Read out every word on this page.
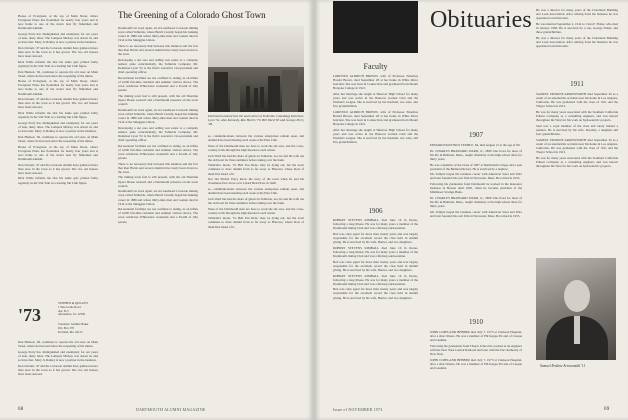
House of Evergreen, at the top of Main Street, where Evergreen Pines has flourished for nearly four years and is now home to one of the state's best fly fishermen and Dartmouth Alumni.

George Perry has distinguished and exemplary for our years of lean, dusty labor. The Lampers Mickey was drawn in, and so have met. Mary Jo Ramey is now a partner in the business.

Don Ostrom, '47 and the Colorado alumni have gathered more than once in the town as it has grown. The two old houses have been restored.

Dick Wilde informs me that his name gets printed fairly regularly in the Vail Trail as a leading Ski Club figure.

Dan Hudson, '49, continues to operate his old store on Main Street, where he has been since the reopening of the mines.

House of Evergreen, at the top of Main Street, where Evergreen Pines has flourished for nearly four years and is now home to one of the state's best fly fishermen and Dartmouth Alumni.

Don Ostrom, '47 and the Colorado alumni have gathered more than once in the town as it has grown. The two old houses have been restored.

Dick Wilde informs me that his name gets printed fairly regularly in the Vail Trail as a leading Ski Club figure.

George Perry has distinguished and exemplary for our years of lean, dusty labor. The Lampers Mickey was drawn in, and so have met. Mary Jo Ramey is now a partner in the business.

Dan Hudson, '49, continues to operate his old store on Main Street, where he has been since the reopening of the mines.

House of Evergreen, at the top of Main Street, where Evergreen Pines has flourished for nearly four years and is now home to one of the state's best fly fishermen and Dartmouth Alumni.

Don Ostrom, '47 and the Colorado alumni have gathered more than once in the town as it has grown. The two old houses have been restored.

Dick Wilde informs me that his name gets printed fairly regularly in the Vail Trail as a leading Ski Club figure.

'73
STEPHEN & QUIGLEY
1 Wee Gobie Road
Apt. B-3
Alexandria, Va. 22309
Treasurer: Jennifer Baker
P.O. Box 376
Portland, Me. 04112

Dan Hudson, '49, continues to operate his old store on Main Street, where he has been since the reopening of the mines.

George Perry has distinguished and exemplary for our years of lean, dusty labor. The Lampers Mickey was drawn in, and so have met. Mary Jo Ramey is now a partner in the business.

Don Ostrom, '47 and the Colorado alumni have gathered more than once in the town as it has grown. The two old houses have been restored.

The Greening of a Colorado Ghost Town

Dartmouth's in town again, an old southwest Colorado mining town called Telluride, where Butch Cassidy began his banking career in 1889 and where thirty-nine men and women died in 1914 at the Smuggler-Union.

There is no necessary link between this mention and the fact that Ron Harris and several alumni have lately been drawn to the town.

Developing a ski area and selling real estate is a company named, quite coincidentally, the Telluride Company. Mr. Dennison Lyon '52 is the firm's executive vice-president and chief operating officer.

Recreational facilities are not confined to skiing, as an influx of 4,000 full-time residents and summer visitors shows. The town celebrates Whitewater weekends and a Fourth of July parade.

The mining town feel is still present, with the old Sheridan Opera House restored and a Dartmouth presence on the town council.

Dartmouth's in town again, an old southwest Colorado mining town called Telluride, where Butch Cassidy began his banking career in 1889 and where thirty-nine men and women died in 1914 at the Smuggler-Union.

Developing a ski area and selling real estate is a company named, quite coincidentally, the Telluride Company. Mr. Dennison Lyon '52 is the firm's executive vice-president and chief operating officer.

Recreational facilities are not confined to skiing, as an influx of 4,000 full-time residents and summer visitors shows. The town celebrates Whitewater weekends and a Fourth of July parade.

There is no necessary link between this mention and the fact that Ron Harris and several alumni have lately been drawn to the town.

The mining town feel is still present, with the old Sheridan Opera House restored and a Dartmouth presence on the town council.

Dartmouth's in town again, an old southwest Colorado mining town called Telluride, where Butch Cassidy began his banking career in 1889 and where thirty-nine men and women died in 1914 at the Smuggler-Union.

Recreational facilities are not confined to skiing, as an influx of 4,000 full-time residents and summer visitors shows. The town celebrates Whitewater weekends and a Fourth of July parade.

Dartmouth alumni line the main street of Telluride: (standing) Dennison Lyon '52, Alex Kennedy, Ron Harris '70, Bill Ward '65 and George Perry '48.

so, communications between the various enterprises remain open, and alumni have been meeting each week at the Elks Club.

Most of the Dartmouth men are here to work the ski area, and the cross-country trails through the high meadows each winter.

Jack Ward has had his share of ghosts in Telluride, too; he and his wife ran the old hotel for three summers before taking over the bank.

Telluride's motto, 'To Hell You Ride,' may be dying out, but the town continues to draw alumni from as far away as Hanover, where most of them first heard of it.

Nor did Pitcher Perry know the story of the town when he and his classmates first drove over Lizard Head Pass in 1948.

so, communications between the various enterprises remain open, and alumni have been meeting each week at the Elks Club.

Jack Ward has had his share of ghosts in Telluride, too; he and his wife ran the old hotel for three summers before taking over the bank.

Most of the Dartmouth men are here to work the ski area, and the cross-country trails through the high meadows each winter.

Telluride's motto, 'To Hell You Ride,' may be dying out, but the town continues to draw alumni from as far away as Hanover, where most of them first heard of it.

68	DARTMOUTH ALUMNI MAGAZINE
Obituaries
Faculty

LORENZO ALDRICH BROWN, wife of Professor Emeritus Harold Brown, died September 28 at her home in White River Junction. She was born in Connecticut and graduated from Mount Holyoke College in 1921.

After her marriage she taught at Hanover High School for many years and was active in the Hanover Garden Club and the Woman's League. She is survived by her husband, two sons, and five grandchildren.

LORENZO ALDRICH BROWN, wife of Professor Emeritus Harold Brown, died September 28 at her home in White River Junction. She was born in Connecticut and graduated from Mount Holyoke College in 1921.

After her marriage she taught at Hanover High School for many years and was active in the Hanover Garden Club and the Woman's League. She is survived by her husband, two sons, and five grandchildren.

1906

ROBERT STEVENS KIMBALL died June 16 in Orono, following a long illness. He was for many years a member of the Dartmouth Outing Club and was a lifelong outdoorsman.

Bob was class agent for more than twenty years and was largely responsible for the excellent record the class held in alumni giving. He is survived by his wife, Harriet, and two daughters.

ROBERT STEVENS KIMBALL died June 16 in Orono, following a long illness. He was for many years a member of the Dartmouth Outing Club and was a lifelong outdoorsman.

Bob was class agent for more than twenty years and was largely responsible for the excellent record the class held in alumni giving. He is survived by his wife, Harriet, and two daughters.

ROBERT STEVENS KIMBALL died June 16 in Orono, following a long illness. He was for many years a member of the Dartmouth Outing Club and was a lifelong outdoorsman.

Bob was class agent for more than twenty years and was largely responsible for the excellent record the class held in alumni giving. He is survived by his wife, Harriet, and two daughters.

1907

EDWARD HASTINGS TEMPLE, 84, died August 21 at the age of 90.

Dr. CHARLES BRAINARD WARD, Jr., 1889 who lived for most of his life in Belmont, Mass., taught chemistry at the high school there for thirty years.

He was a member of the Class of 1907 at Dartmouth College and a past president of the Belmont Rotary. He is survived by a nephew.

Mr. Temple began his business career with American Steel and Wire and later founded his own firm in Worcester, Mass. He retired in 1955.

Following his graduation from Dartmouth he worked in the insurance business in Boston until 1920, when he became president of the Middlesex Savings Bank.

Dr. CHARLES BRAINARD WARD, Jr., 1889 who lived for most of his life in Belmont, Mass., taught chemistry at the high school there for thirty years.

Mr. Temple began his business career with American Steel and Wire and later founded his own firm in Worcester, Mass. He retired in 1955.

1910

JOHN COPELAND BEBBER died July 7, 1973 at Clarkson Hospital, after a short illness. He was a member of Phi Kappa Psi and of Casque and Gauntlet.

Following his graduation from Thayer School he worked as an engineer with the New York Central Railroad and later with the Port Authority of New York.

JOHN COPELAND BEBBER died July 7, 1973 at Clarkson Hospital, after a short illness. He was a member of Phi Kappa Psi and of Casque and Gauntlet.

He was a director for many years of the Claremont Building and Loan Association. After retiring from his business he was appointed town historian.

He was married September 2, 1914 to Clara F. Fisher, who died in January 1960. He is survived by a son, George Fisher, and three grandchildren.

He was a director for many years of the Claremont Building and Loan Association. After retiring from his business he was appointed town historian.

1911

SAMUEL ERSKINE ARROWSMITH died September 20 as a result of an automobile accident near his home in Los Angeles, California. He was graduated with the class of 1911 and the Thayer School in 1913.

He was for many years associated with the Southern California Edison Company as a consulting engineer, and was known throughout the West for his work on hydroelectric projects.

Sam was a loyal member of the class and rarely missed a reunion. He is survived by his wife, Dorothy, a daughter and four grandchildren.

SAMUEL ERSKINE ARROWSMITH died September 20 as a result of an automobile accident near his home in Los Angeles, California. He was graduated with the class of 1911 and the Thayer School in 1913.

He was for many years associated with the Southern California Edison Company as a consulting engineer, and was known throughout the West for his work on hydroelectric projects.

Samuel Erskine Arrowsmith '11
Issue of NOVEMBER 1973	69
